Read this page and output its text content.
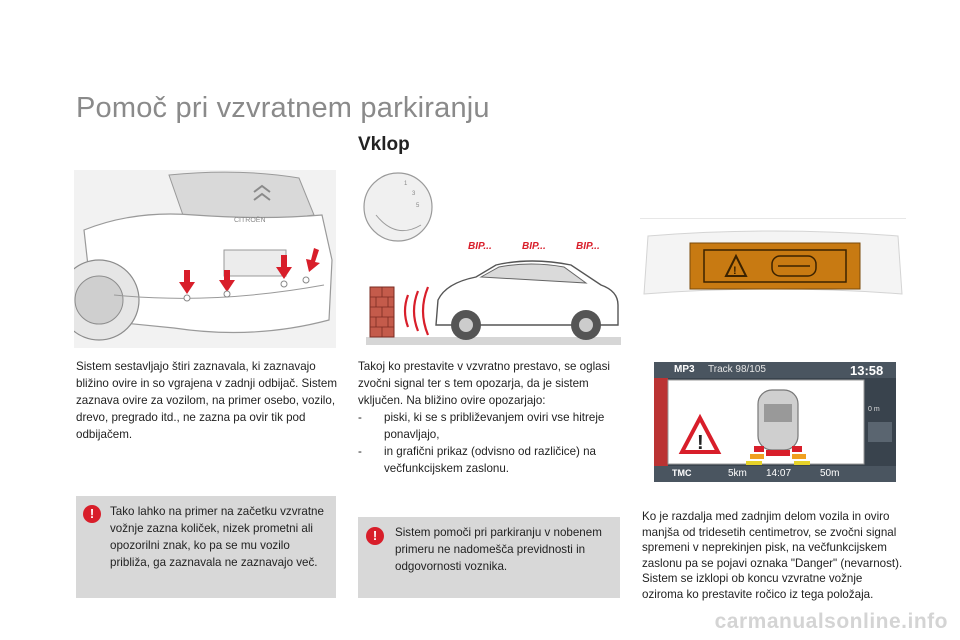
Pomoč pri vzvratnem parkiranju
Vklop
CITROËN
1
3
5
BIP...	BIP...	BIP...
!
!
MP3 Track 98/105	13:58
0 m
TMC	5km 14:07	50m
Sistem sestavljajo štiri zaznavala, ki zaznavajo bližino ovire in so vgrajena v zadnji odbijač. Sistem zaznava ovire za vozilom, na primer osebo, vozilo, drevo, pregrado itd., ne zazna pa ovir tik pod odbijačem.
!	Tako lahko na primer na začetku vzvratne vožnje zazna količek, nizek prometni ali opozorilni znak, ko pa se mu vozilo približa, ga zaznavala ne zaznavajo več.
Takoj ko prestavite v vzvratno prestavo, se oglasi zvočni signal ter s tem opozarja, da je sistem vključen. Na bližino ovire opozarjajo:
- piski, ki se s približevanjem oviri vse hitreje ponavljajo,
- in grafični prikaz (odvisno od različice) na večfunkcijskem zaslonu.
!	Sistem pomoči pri parkiranju v nobenem primeru ne nadomešča previdnosti in odgovornosti voznika.
Ko je razdalja med zadnjim delom vozila in oviro manjša od tridesetih centimetrov, se zvočni signal spremeni v neprekinjen pisk, na večfunkcijskem zaslonu pa se pojavi oznaka "Danger" (nevarnost). Sistem se izklopi ob koncu vzvratne vožnje oziroma ko prestavite ročico iz tega položaja.
carmanualsonline.info
